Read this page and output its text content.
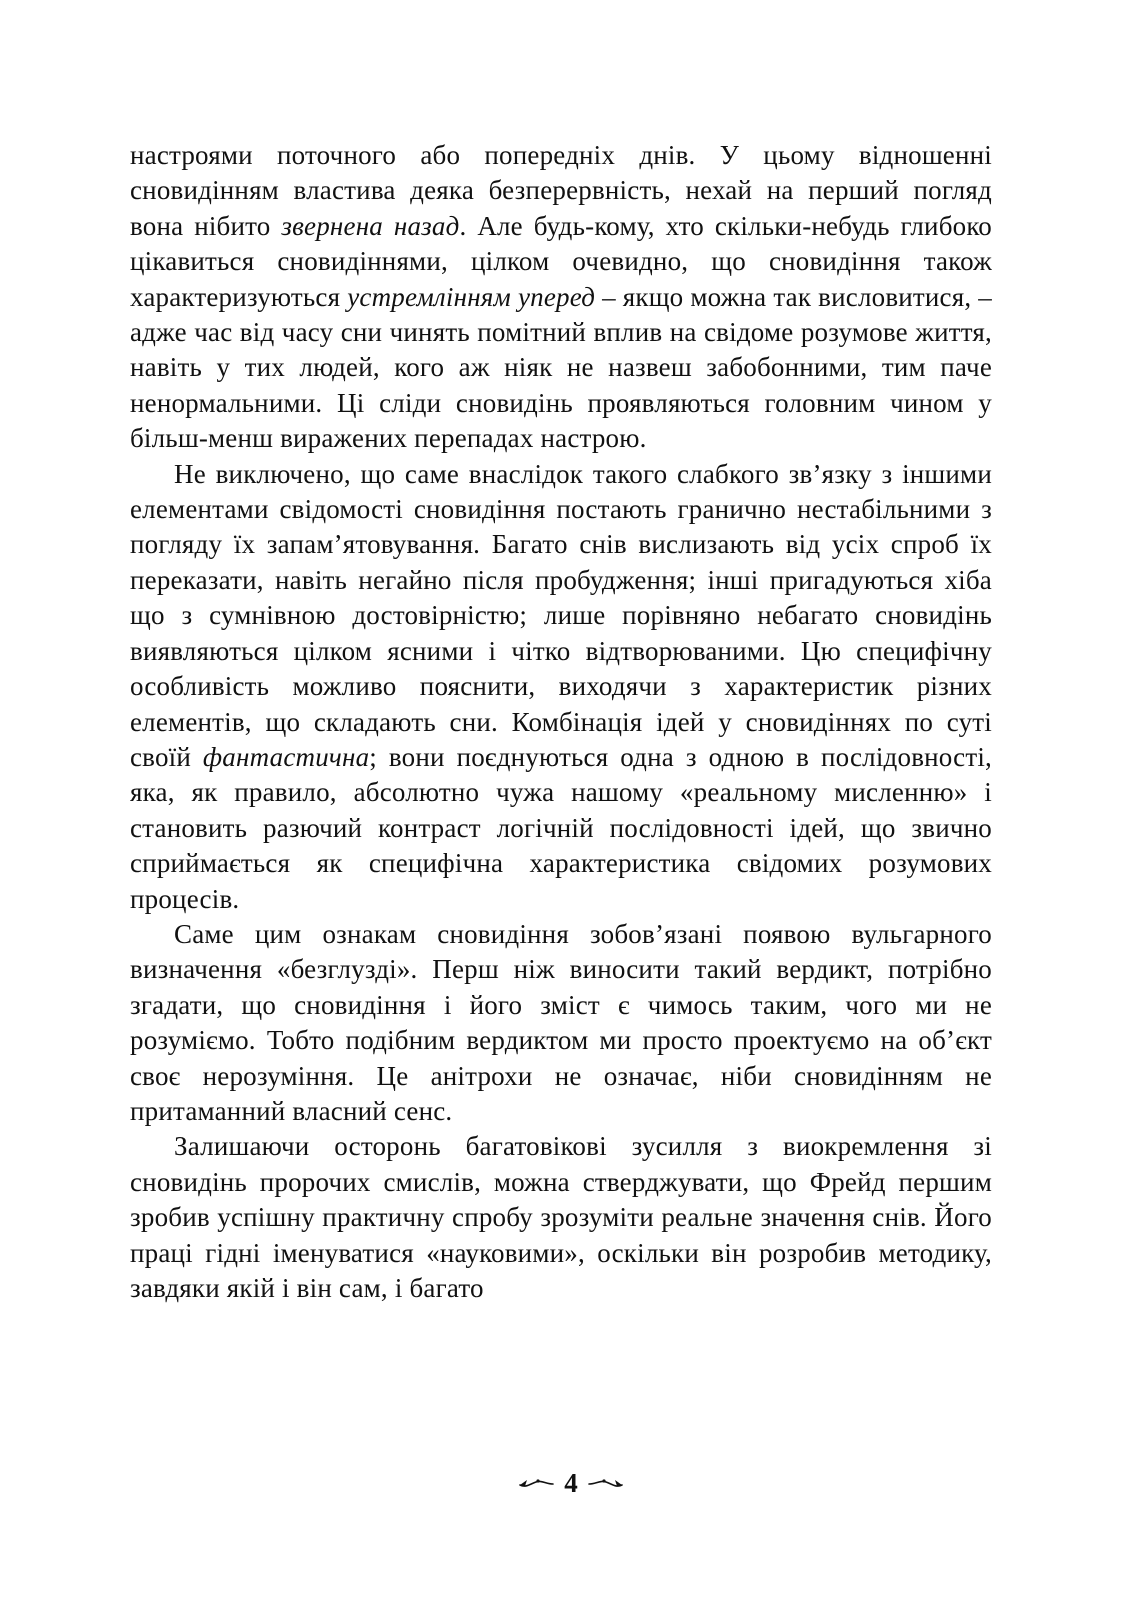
настроями поточного або попередніх днів. У цьому відношенні сновидінням властива деяка безперервність, нехай на перший погляд вона нібито звернена назад. Але будь-кому, хто скільки-небудь глибоко цікавиться сновидіннями, цілком очевидно, що сновидіння також характеризуються устремлінням уперед – якщо можна так висловитися, – адже час від часу сни чинять помітний вплив на свідоме розумове життя, навіть у тих людей, кого аж ніяк не назвеш забобонними, тим паче ненормальними. Ці сліди сновидінь проявляються головним чином у більш-менш виражених перепадах настрою.

Не виключено, що саме внаслідок такого слабкого зв’язку з іншими елементами свідомості сновидіння постають гранично нестабільними з погляду їх запам’ятовування. Багато снів вислизають від усіх спроб їх переказати, навіть негайно після пробудження; інші пригадуються хіба що з сумнівною достовірністю; лише порівняно небагато сновидінь виявляються цілком ясними і чітко відтворюваними. Цю специфічну особливість можливо пояснити, виходячи з характеристик різних елементів, що складають сни. Комбінація ідей у сновидіннях по суті своїй фантастична; вони поєднуються одна з одною в послідовності, яка, як правило, абсолютно чужа нашому «реальному мисленню» і становить разючий контраст логічній послідовності ідей, що звично сприймається як специфічна характеристика свідомих розумових процесів.

Саме цим ознакам сновидіння зобов’язані появою вульгарного визначення «безглузді». Перш ніж виносити такий вердикт, потрібно згадати, що сновидіння і його зміст є чимось таким, чого ми не розуміємо. Тобто подібним вердиктом ми просто проектуємо на об’єкт своє нерозуміння. Це анітрохи не означає, ніби сновидінням не притаманний власний сенс.

Залишаючи осторонь багатовікові зусилля з виокремлення зі сновидінь пророчих смислів, можна стверджувати, що Фрейд першим зробив успішну практичну спробу зрозуміти реальне значення снів. Його праці гідні іменуватися «науковими», оскільки він розробив методику, завдяки якій і він сам, і багато

4
